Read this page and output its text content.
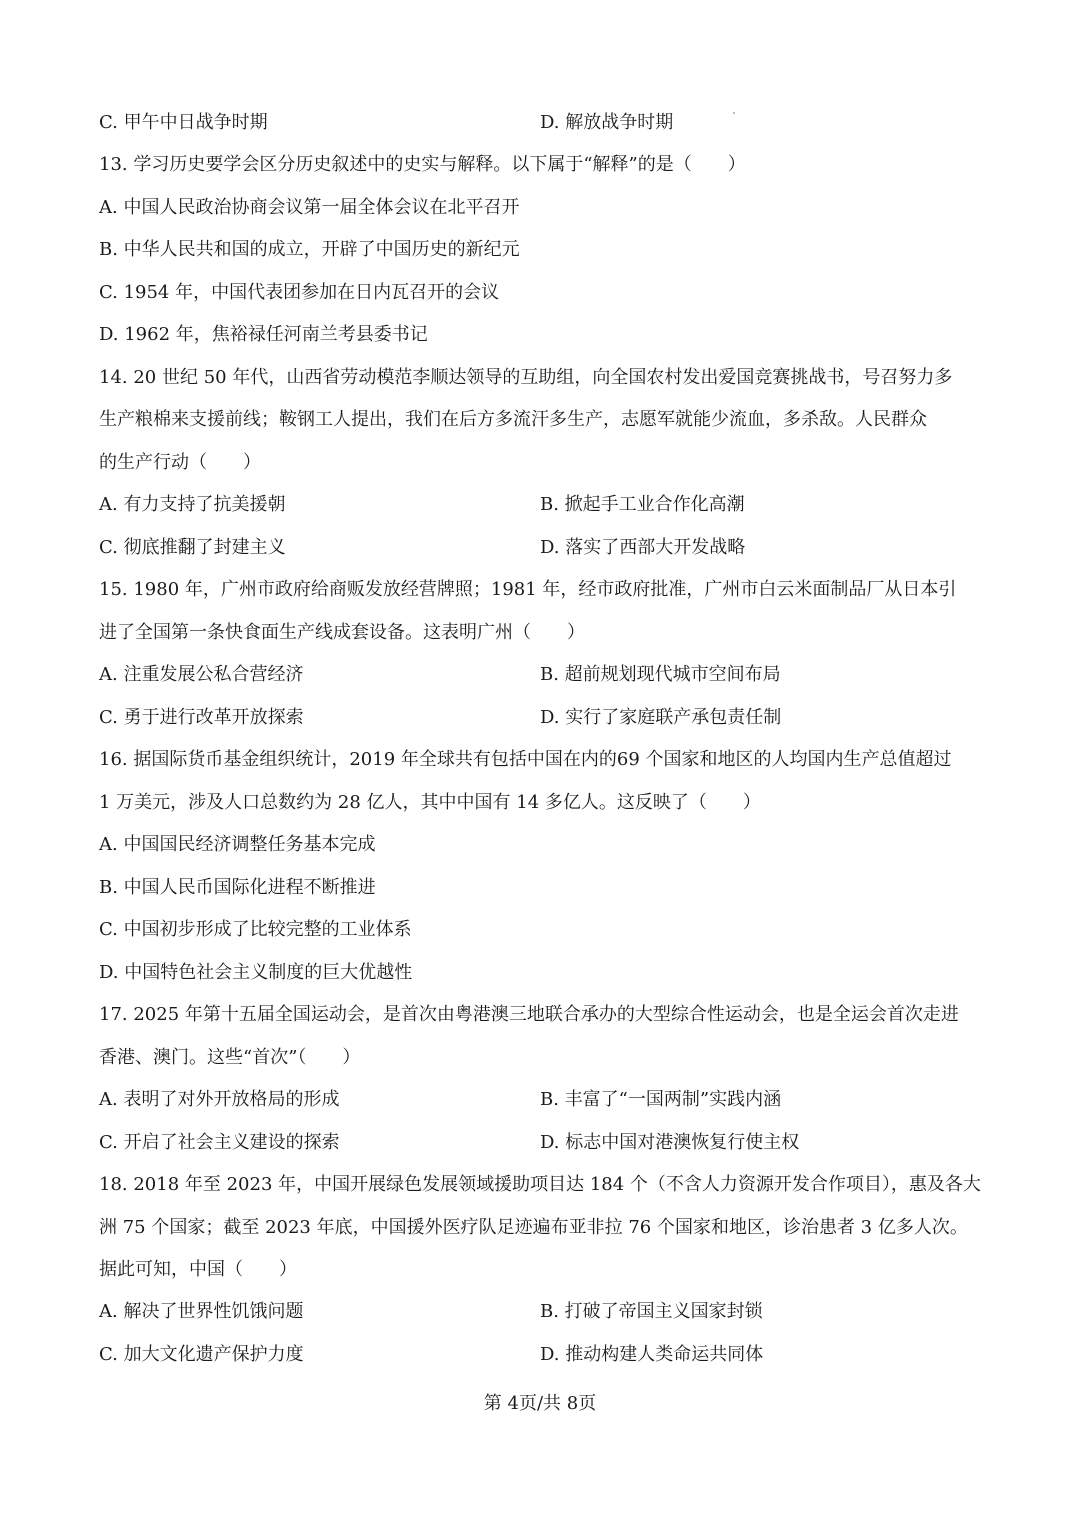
C. 甲午中日战争时期	D. 解放战争时期
13. 学习历史要学会区分历史叙述中的史实与解释。以下属于“解释”的是（　　）
A. 中国人民政治协商会议第一届全体会议在北平召开
B. 中华人民共和国的成立，开辟了中国历史的新纪元
C. 1954 年，中国代表团参加在日内瓦召开的会议
D. 1962 年，焦裕禄任河南兰考县委书记
14. 20 世纪 50 年代，山西省劳动模范李顺达领导的互助组，向全国农村发出爱国竞赛挑战书，号召努力多
生产粮棉来支援前线；鞍钢工人提出，我们在后方多流汗多生产，志愿军就能少流血，多杀敌。人民群众
的生产行动（　　）
A. 有力支持了抗美援朝	B. 掀起手工业合作化高潮
C. 彻底推翻了封建主义	D. 落实了西部大开发战略
15. 1980 年，广州市政府给商贩发放经营牌照；1981 年，经市政府批准，广州市白云米面制品厂从日本引
进了全国第一条快食面生产线成套设备。这表明广州（　　）
A. 注重发展公私合营经济	B. 超前规划现代城市空间布局
C. 勇于进行改革开放探索	D. 实行了家庭联产承包责任制
16. 据国际货币基金组织统计，2019 年全球共有包括中国在内的69 个国家和地区的人均国内生产总值超过
1 万美元，涉及人口总数约为 28 亿人，其中中国有 14 多亿人。这反映了（　　）
A. 中国国民经济调整任务基本完成
B. 中国人民币国际化进程不断推进
C. 中国初步形成了比较完整的工业体系
D. 中国特色社会主义制度的巨大优越性
17. 2025 年第十五届全国运动会，是首次由粤港澳三地联合承办的大型综合性运动会，也是全运会首次走进
香港、澳门。这些“首次”（　　）
A. 表明了对外开放格局的形成	B. 丰富了“一国两制”实践内涵
C. 开启了社会主义建设的探索	D. 标志中国对港澳恢复行使主权
18. 2018 年至 2023 年，中国开展绿色发展领域援助项目达 184 个（不含人力资源开发合作项目），惠及各大
洲 75 个国家；截至 2023 年底，中国援外医疗队足迹遍布亚非拉 76 个国家和地区，诊治患者 3 亿多人次。
据此可知，中国（　　）
A. 解决了世界性饥饿问题	B. 打破了帝国主义国家封锁
C. 加大文化遗产保护力度	D. 推动构建人类命运共同体
第 4页/共 8页
